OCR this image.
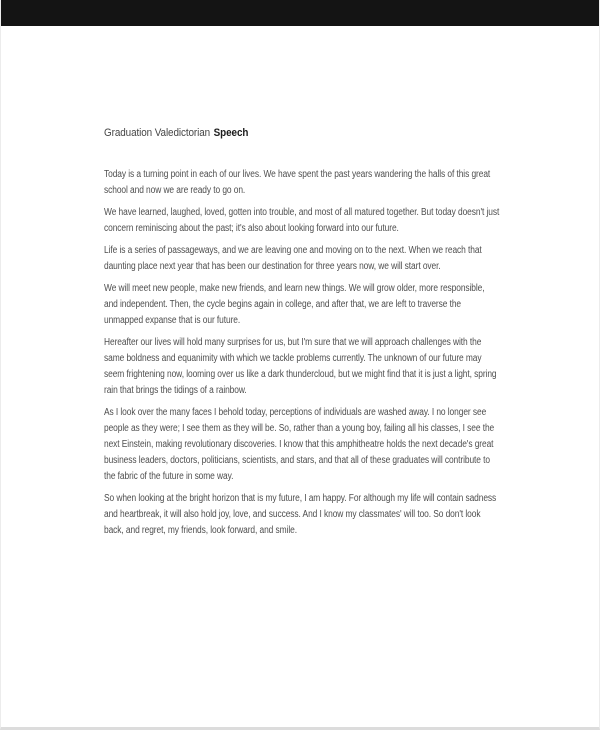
Graduation Valedictorian Speech
Today is a turning point in each of our lives. We have spent the past years wandering the halls of this great
school and now we are ready to go on.
We have learned, laughed, loved, gotten into trouble, and most of all matured together. But today doesn't just
concern reminiscing about the past; it's also about looking forward into our future.
Life is a series of passageways, and we are leaving one and moving on to the next. When we reach that
daunting place next year that has been our destination for three years now, we will start over.
We will meet new people, make new friends, and learn new things. We will grow older, more responsible,
and independent. Then, the cycle begins again in college, and after that, we are left to traverse the
unmapped expanse that is our future.
Hereafter our lives will hold many surprises for us, but I'm sure that we will approach challenges with the
same boldness and equanimity with which we tackle problems currently. The unknown of our future may
seem frightening now, looming over us like a dark thundercloud, but we might find that it is just a light, spring
rain that brings the tidings of a rainbow.
As I look over the many faces I behold today, perceptions of individuals are washed away. I no longer see
people as they were; I see them as they will be. So, rather than a young boy, failing all his classes, I see the
next Einstein, making revolutionary discoveries. I know that this amphitheatre holds the next decade's great
business leaders, doctors, politicians, scientists, and stars, and that all of these graduates will contribute to
the fabric of the future in some way.
So when looking at the bright horizon that is my future, I am happy. For although my life will contain sadness
and heartbreak, it will also hold joy, love, and success. And I know my classmates' will too. So don't look
back, and regret, my friends, look forward, and smile.
